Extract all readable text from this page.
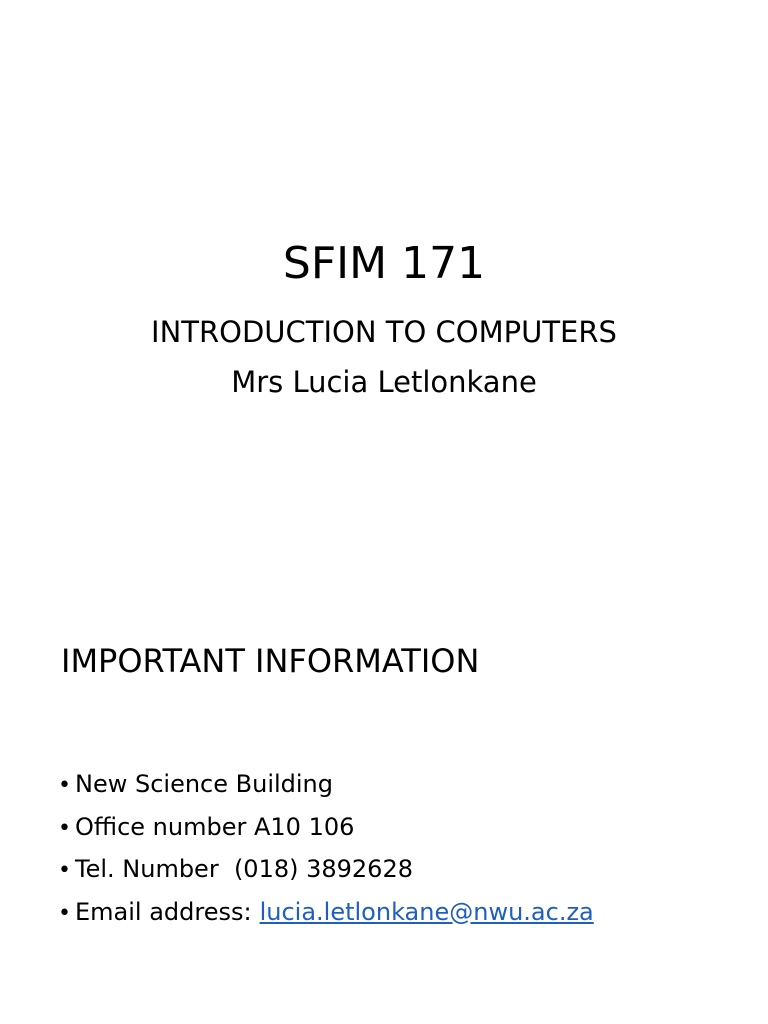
SFIM 171
INTRODUCTION TO COMPUTERS
Mrs Lucia Letlonkane
IMPORTANT INFORMATION
• New Science Building
• Office number A10 106
• Tel. Number  (018) 3892628
• Email address: lucia.letlonkane@nwu.ac.za
